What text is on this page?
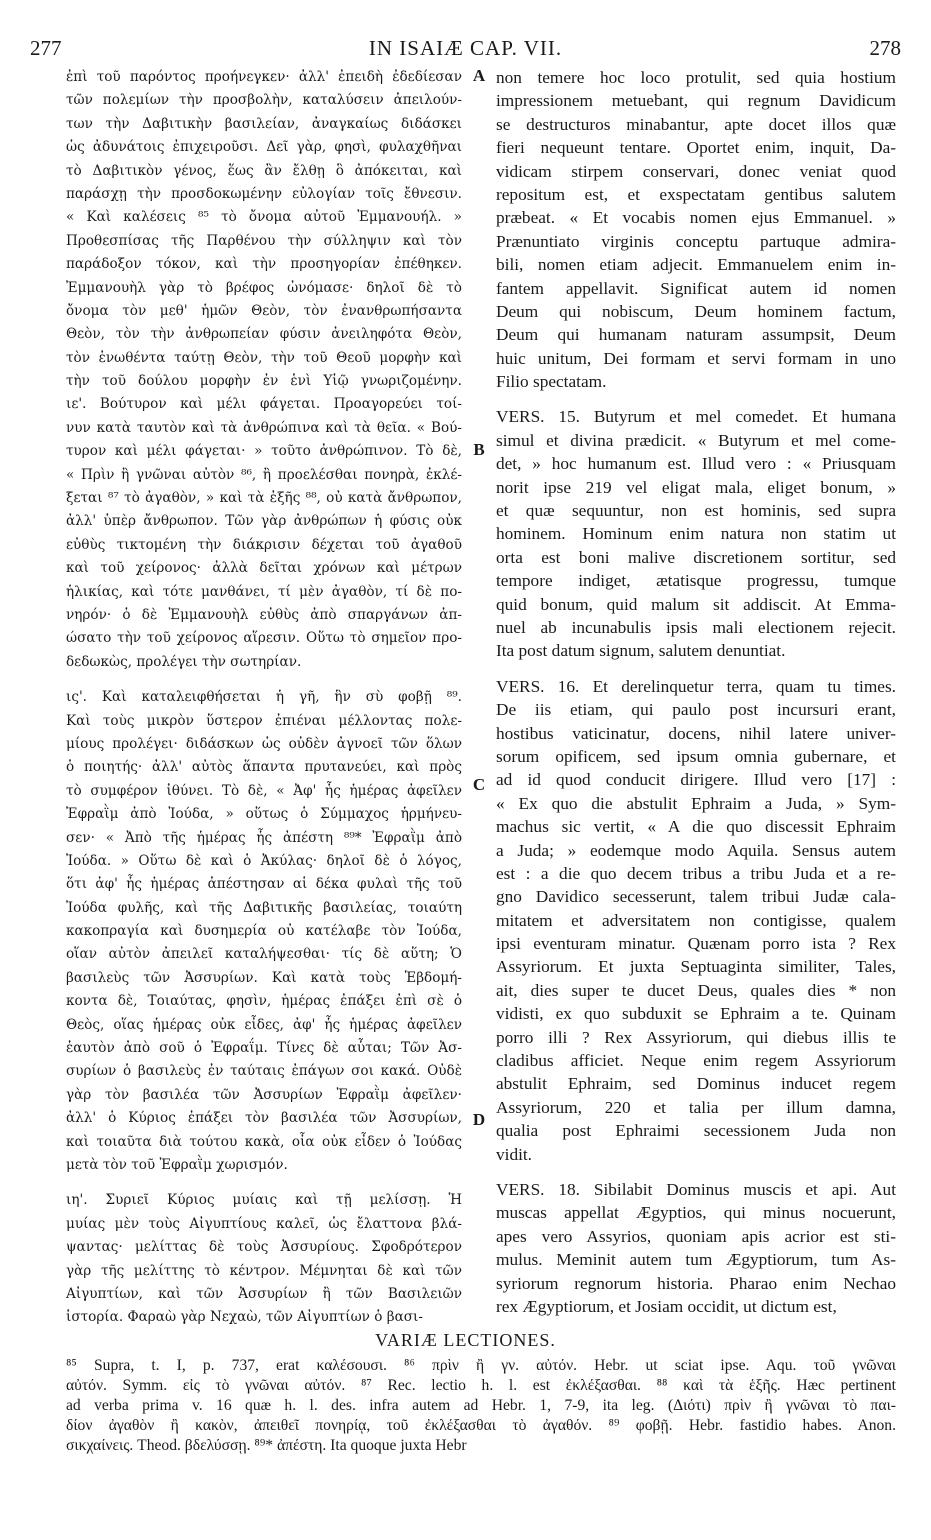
277	IN ISAIÆ CAP. VII.	278
ἐπὶ τοῦ παρόντος προήνεγκεν· ἀλλ' ἐπειδὴ ἐδεδίεσαν
τῶν πολεμίων τὴν προσβολὴν, καταλύσειν ἀπειλούν-
των τὴν Δαβιτικὴν βασιλείαν, ἀναγκαίως διδάσκει
ὡς ἀδυνάτοις ἐπιχειροῦσι. Δεῖ γὰρ, φησὶ, φυλαχθῆναι
τὸ Δαβιτικὸν γένος, ἕως ἂν ἔλθῃ ὃ ἀπόκειται, καὶ
παράσχῃ τὴν προσδοκωμένην εὐλογίαν τοῖς ἔθνεσιν.
« Καὶ καλέσεις ⁸⁵ τὸ ὄνομα αὐτοῦ Ἐμμανουήλ. »
Προθεσπίσας τῆς Παρθένου τὴν σύλληψιν καὶ τὸν
παράδοξον τόκον, καὶ τὴν προσηγορίαν ἐπέθηκεν.
Ἐμμανουὴλ γὰρ τὸ βρέφος ὠνόμασε· δηλοῖ δὲ τὸ
ὄνομα τὸν μεθ' ἡμῶν Θεὸν, τὸν ἐνανθρωπήσαντα
Θεὸν, τὸν τὴν ἀνθρωπείαν φύσιν ἀνειληφότα Θεὸν,
τὸν ἑνωθέντα ταύτῃ Θεὸν, τὴν τοῦ Θεοῦ μορφὴν καὶ
τὴν τοῦ δούλου μορφὴν ἐν ἑνὶ Υἱῷ γνωριζομένην.
ιε'. Βούτυρον καὶ μέλι φάγεται. Προαγορεύει τοί-
νυν κατὰ ταυτὸν καὶ τὰ ἀνθρώπινα καὶ τὰ θεῖα. « Βού-
τυρον καὶ μέλι φάγεται· » τοῦτο ἀνθρώπινον. Τὸ δὲ,
« Πρὶν ἢ γνῶναι αὐτὸν ⁸⁶, ἢ προελέσθαι πονηρὰ, ἐκλέ-
ξεται ⁸⁷ τὸ ἀγαθὸν, » καὶ τὰ ἑξῆς ⁸⁸, οὐ κατὰ ἄνθρωπον,
ἀλλ' ὑπὲρ ἄνθρωπον. Τῶν γὰρ ἀνθρώπων ἡ φύσις οὐκ
εὐθὺς τικτομένη τὴν διάκρισιν δέχεται τοῦ ἀγαθοῦ
καὶ τοῦ χείρονος· ἀλλὰ δεῖται χρόνων καὶ μέτρων
ἡλικίας, καὶ τότε μανθάνει, τί μὲν ἀγαθὸν, τί δὲ πο-
νηρόν· ὁ δὲ Ἐμμανουὴλ εὐθὺς ἀπὸ σπαργάνων ἀπ-
ώσατο τὴν τοῦ χείρονος αἵρεσιν. Οὕτω τὸ σημεῖον προ-
δεδωκὼς, προλέγει τὴν σωτηρίαν.
ις'. Καὶ καταλειφθήσεται ἡ γῆ, ἣν σὺ φοβῇ ⁸⁹.
Καὶ τοὺς μικρὸν ὕστερον ἐπιέναι μέλλοντας πολε-
μίους προλέγει· διδάσκων ὡς οὐδὲν ἀγνοεῖ τῶν ὅλων
ὁ ποιητής· ἀλλ' αὐτὸς ἅπαντα πρυτανεύει, καὶ πρὸς
τὸ συμφέρον ἰθύνει. Τὸ δὲ, « Ἀφ' ἧς ἡμέρας ἀφεῖλεν
Ἐφραῒμ ἀπὸ Ἰούδα, » οὕτως ὁ Σύμμαχος ἡρμήνευ-
σεν· « Ἀπὸ τῆς ἡμέρας ἧς ἀπέστη ⁸⁹* Ἐφραῒμ ἀπὸ
Ἰούδα. » Οὕτω δὲ καὶ ὁ Ἀκύλας· δηλοῖ δὲ ὁ λόγος,
ὅτι ἀφ' ἧς ἡμέρας ἀπέστησαν αἱ δέκα φυλαὶ τῆς τοῦ
Ἰούδα φυλῆς, καὶ τῆς Δαβιτικῆς βασιλείας, τοιαύτη
κακοπραγία καὶ δυσημερία οὐ κατέλαβε τὸν Ἰούδα,
οἵαν αὐτὸν ἀπειλεῖ καταλήψεσθαι· τίς δὲ αὕτη; Ὁ
βασιλεὺς τῶν Ἀσσυρίων. Καὶ κατὰ τοὺς Ἑβδομή-
κοντα δὲ, Τοιαύτας, φησὶν, ἡμέρας ἐπάξει ἐπὶ σὲ ὁ
Θεὸς, οἵας ἡμέρας οὐκ εἶδες, ἀφ' ἧς ἡμέρας ἀφεῖλεν
ἑαυτὸν ἀπὸ σοῦ ὁ Ἐφραΐμ. Τίνες δὲ αὗται; Τῶν Ἀσ-
συρίων ὁ βασιλεὺς ἐν ταύταις ἐπάγων σοι κακά. Οὐδὲ
γὰρ τὸν βασιλέα τῶν Ἀσσυρίων Ἐφραῒμ ἀφεῖλεν·
ἀλλ' ὁ Κύριος ἐπάξει τὸν βασιλέα τῶν Ἀσσυρίων,
καὶ τοιαῦτα διὰ τούτου κακὰ, οἷα οὐκ εἶδεν ὁ Ἰούδας
μετὰ τὸν τοῦ Ἐφραῒμ χωρισμόν.
ιη'. Συριεῖ Κύριος μυίαις καὶ τῇ μελίσσῃ. Ἡ
μυίας μὲν τοὺς Αἰγυπτίους καλεῖ, ὡς ἔλαττονα βλά-
ψαντας· μελίττας δὲ τοὺς Ἀσσυρίους. Σφοδρότερον
γὰρ τῆς μελίττης τὸ κέντρον. Μέμνηται δὲ καὶ τῶν
Αἰγυπτίων, καὶ τῶν Ἀσσυρίων ἢ τῶν Βασιλειῶν
ἱστορία. Φαραὼ γὰρ Νεχαὼ, τῶν Αἰγυπτίων ὁ βασι-
non temere hoc loco protulit, sed quia hostium
impressionem metuebant, qui regnum Davidicum
se destructuros minabantur, apte docet illos quæ
fieri nequeunt tentare. Oportet enim, inquit, Da-
vidicam stirpem conservari, donec veniat quod
repositum est, et exspectatam gentibus salutem
præbeat. « Et vocabis nomen ejus Emmanuel. »
Prænuntiato virginis conceptu partuque admira-
bili, nomen etiam adjecit. Emmanuelem enim in-
fantem appellavit. Significat autem id nomen
Deum qui nobiscum, Deum hominem factum,
Deum qui humanam naturam assumpsit, Deum
huic unitum, Dei formam et servi formam in uno
Filio spectatam.
VERS. 15. Butyrum et mel comedet. Et humana
simul et divina prædicit. « Butyrum et mel come-
det, » hoc humanum est. Illud vero : « Priusquam
norit ipse 219 vel eligat mala, eliget bonum, »
et quæ sequuntur, non est hominis, sed supra
hominem. Hominum enim natura non statim ut
orta est boni malive discretionem sortitur, sed
tempore indiget, ætatisque progressu, tumque
quid bonum, quid malum sit addiscit. At Emma-
nuel ab incunabulis ipsis mali electionem rejecit.
Ita post datum signum, salutem denuntiat.
VERS. 16. Et derelinquetur terra, quam tu times.
De iis etiam, qui paulo post incursuri erant,
hostibus vaticinatur, docens, nihil latere univer-
sorum opificem, sed ipsum omnia gubernare, et
ad id quod conducit dirigere. Illud vero [17] :
« Ex quo die abstulit Ephraim a Juda, » Sym-
machus sic vertit, « A die quo discessit Ephraim
a Juda; » eodemque modo Aquila. Sensus autem
est : a die quo decem tribus a tribu Juda et a re-
gno Davidico secesserunt, talem tribui Judæ cala-
mitatem et adversitatem non contigisse, qualem
ipsi eventuram minatur. Quænam porro ista ? Rex
Assyriorum. Et juxta Septuaginta similiter, Tales,
ait, dies super te ducet Deus, quales dies * non
vidisti, ex quo subduxit se Ephraim a te. Quinam
porro illi ? Rex Assyriorum, qui diebus illis te
cladibus afficiet. Neque enim regem Assyriorum
abstulit Ephraim, sed Dominus inducet regem
Assyriorum, 220 et talia per illum damna,
qualia post Ephraimi secessionem Juda non
vidit.
VERS. 18. Sibilabit Dominus muscis et api. Aut
muscas appellat Ægyptios, qui minus nocuerunt,
apes vero Assyrios, quoniam apis acrior est sti-
mulus. Meminit autem tum Ægyptiorum, tum As-
syriorum regnorum historia. Pharao enim Nechao
rex Ægyptiorum, et Josiam occidit, ut dictum est,
A
B
C
D
VARIÆ LECTIONES.
⁸⁵ Supra, t. I, p. 737, erat καλέσουσι. ⁸⁶ πρὶν ἢ γν. αὐτόν. Hebr. ut sciat ipse. Aqu. τοῦ γνῶναι
αὐτόν. Symm. εἰς τὸ γνῶναι αὐτόν. ⁸⁷ Rec. lectio h. l. est ἐκλέξασθαι. ⁸⁸ καὶ τὰ ἑξῆς. Hæc pertinent
ad verba prima v. 16 quæ h. l. des. infra autem ad Hebr. 1, 7-9, ita leg. (Διότι) πρὶν ἢ γνῶναι τὸ παι-
δίον ἀγαθὸν ἢ κακὸν, ἀπειθεῖ πονηρίᾳ, τοῦ ἐκλέξασθαι τὸ ἀγαθόν. ⁸⁹ φοβῇ. Hebr. fastidio habes. Anon.
σικχαίνεις. Theod. βδελύσσῃ. ⁸⁹* ἀπέστη. Ita quoque juxta Hebr
